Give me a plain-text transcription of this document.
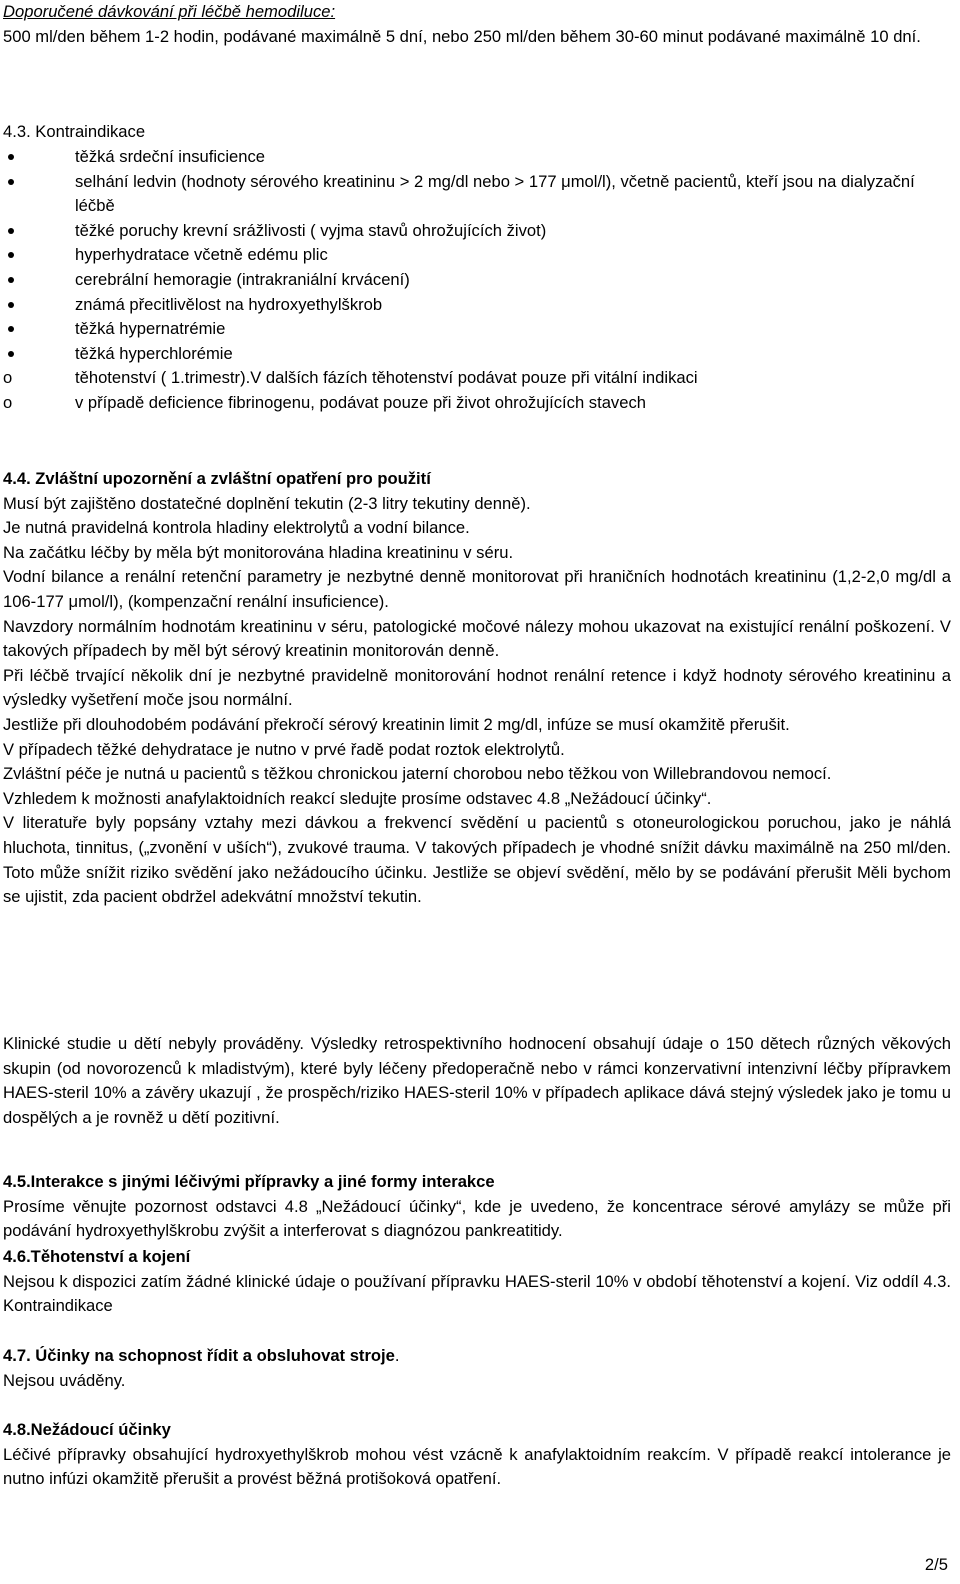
Doporučené dávkování při léčbě hemodiluce:
500 ml/den během 1-2 hodin, podávané maximálně 5 dní, nebo 250 ml/den během 30-60 minut podávané maximálně 10 dní.
4.3. Kontraindikace
těžká srdeční insuficience
selhání ledvin (hodnoty sérového kreatininu > 2 mg/dl nebo > 177 μmol/l), včetně pacientů, kteří jsou na dialyzační léčbě
těžké poruchy krevní srážlivosti ( vyjma stavů ohrožujících život)
hyperhydratace včetně edému plic
cerebrální hemoragie (intrakraniální krvácení)
známá přecitlivělost na hydroxyethylškrob
těžká hypernatrémie
těžká hyperchlorémie
o	těhotenství ( 1.trimestr).V dalších fázích těhotenství podávat pouze při vitální indikaci
o	v případě deficience fibrinogenu, podávat pouze při život ohrožujících stavech
4.4. Zvláštní upozornění a zvláštní opatření pro použití
Musí být zajištěno dostatečné doplnění tekutin (2-3 litry tekutiny denně).
Je nutná pravidelná kontrola hladiny elektrolytů a vodní bilance.
Na začátku léčby by měla být monitorována hladina kreatininu v séru.
Vodní bilance a renální retenční parametry je nezbytné denně monitorovat při hraničních hodnotách kreatininu (1,2-2,0 mg/dl a 106-177 μmol/l), (kompenzační renální insuficience).
Navzdory normálním hodnotám kreatininu v séru, patologické močové nálezy mohou ukazovat na existující renální poškození. V takových případech by měl být sérový kreatinin monitorován denně.
Při léčbě trvající několik dní je nezbytné pravidelně monitorování hodnot renální retence i když hodnoty sérového kreatininu a výsledky vyšetření moče jsou normální.
Jestliže při dlouhodobém podávání překročí sérový kreatinin limit 2 mg/dl, infúze se musí okamžitě přerušit.
V případech těžké dehydratace je nutno v prvé řadě podat roztok elektrolytů.
Zvláštní péče je nutná u pacientů s těžkou chronickou jaterní chorobou nebo těžkou von Willebrandovou nemocí.
Vzhledem k možnosti anafylaktoidních reakcí sledujte prosíme odstavec 4.8 „Nežádoucí účinky“.
V literatuře byly popsány vztahy mezi dávkou a frekvencí svědění u pacientů s otoneurologickou poruchou, jako je náhlá hluchota, tinnitus, („zvonění v uších“), zvukové trauma. V takových případech je vhodné snížit dávku maximálně na 250 ml/den. Toto může snížit riziko svědění jako nežádoucího účinku. Jestliže se objeví svědění, mělo by se podávání přerušit Měli bychom se ujistit, zda pacient obdržel adekvátní množství tekutin.
Klinické studie u dětí nebyly prováděny. Výsledky retrospektivního hodnocení obsahují údaje o 150 dětech různých věkových skupin (od novorozenců k mladistvým), které byly léčeny předoperačně nebo v rámci konzervativní intenzivní léčby přípravkem HAES-steril 10% a závěry ukazují , že prospěch/riziko HAES-steril 10% v případech aplikace dává stejný výsledek jako je tomu u dospělých a je rovněž u dětí pozitivní.
4.5.Interakce s jinými léčivými přípravky a jiné formy interakce
Prosíme věnujte pozornost odstavci 4.8 „Nežádoucí účinky“, kde je uvedeno, že koncentrace sérové amylázy se může při podávání hydroxyethylškrobu zvýšit a interferovat s diagnózou pankreatitidy.
4.6.Těhotenství a kojení
Nejsou k dispozici zatím žádné klinické údaje o používaní přípravku HAES-steril 10% v období těhotenství a kojení. Viz oddíl 4.3. Kontraindikace
4.7. Účinky na schopnost řídit a obsluhovat stroje.
Nejsou uváděny.
4.8.Nežádoucí účinky
Léčivé přípravky obsahující hydroxyethylškrob mohou vést vzácně k anafylaktoidním reakcím. V případě reakcí intolerance je nutno infúzi okamžitě přerušit a provést běžná protišoková opatření.
2/5
